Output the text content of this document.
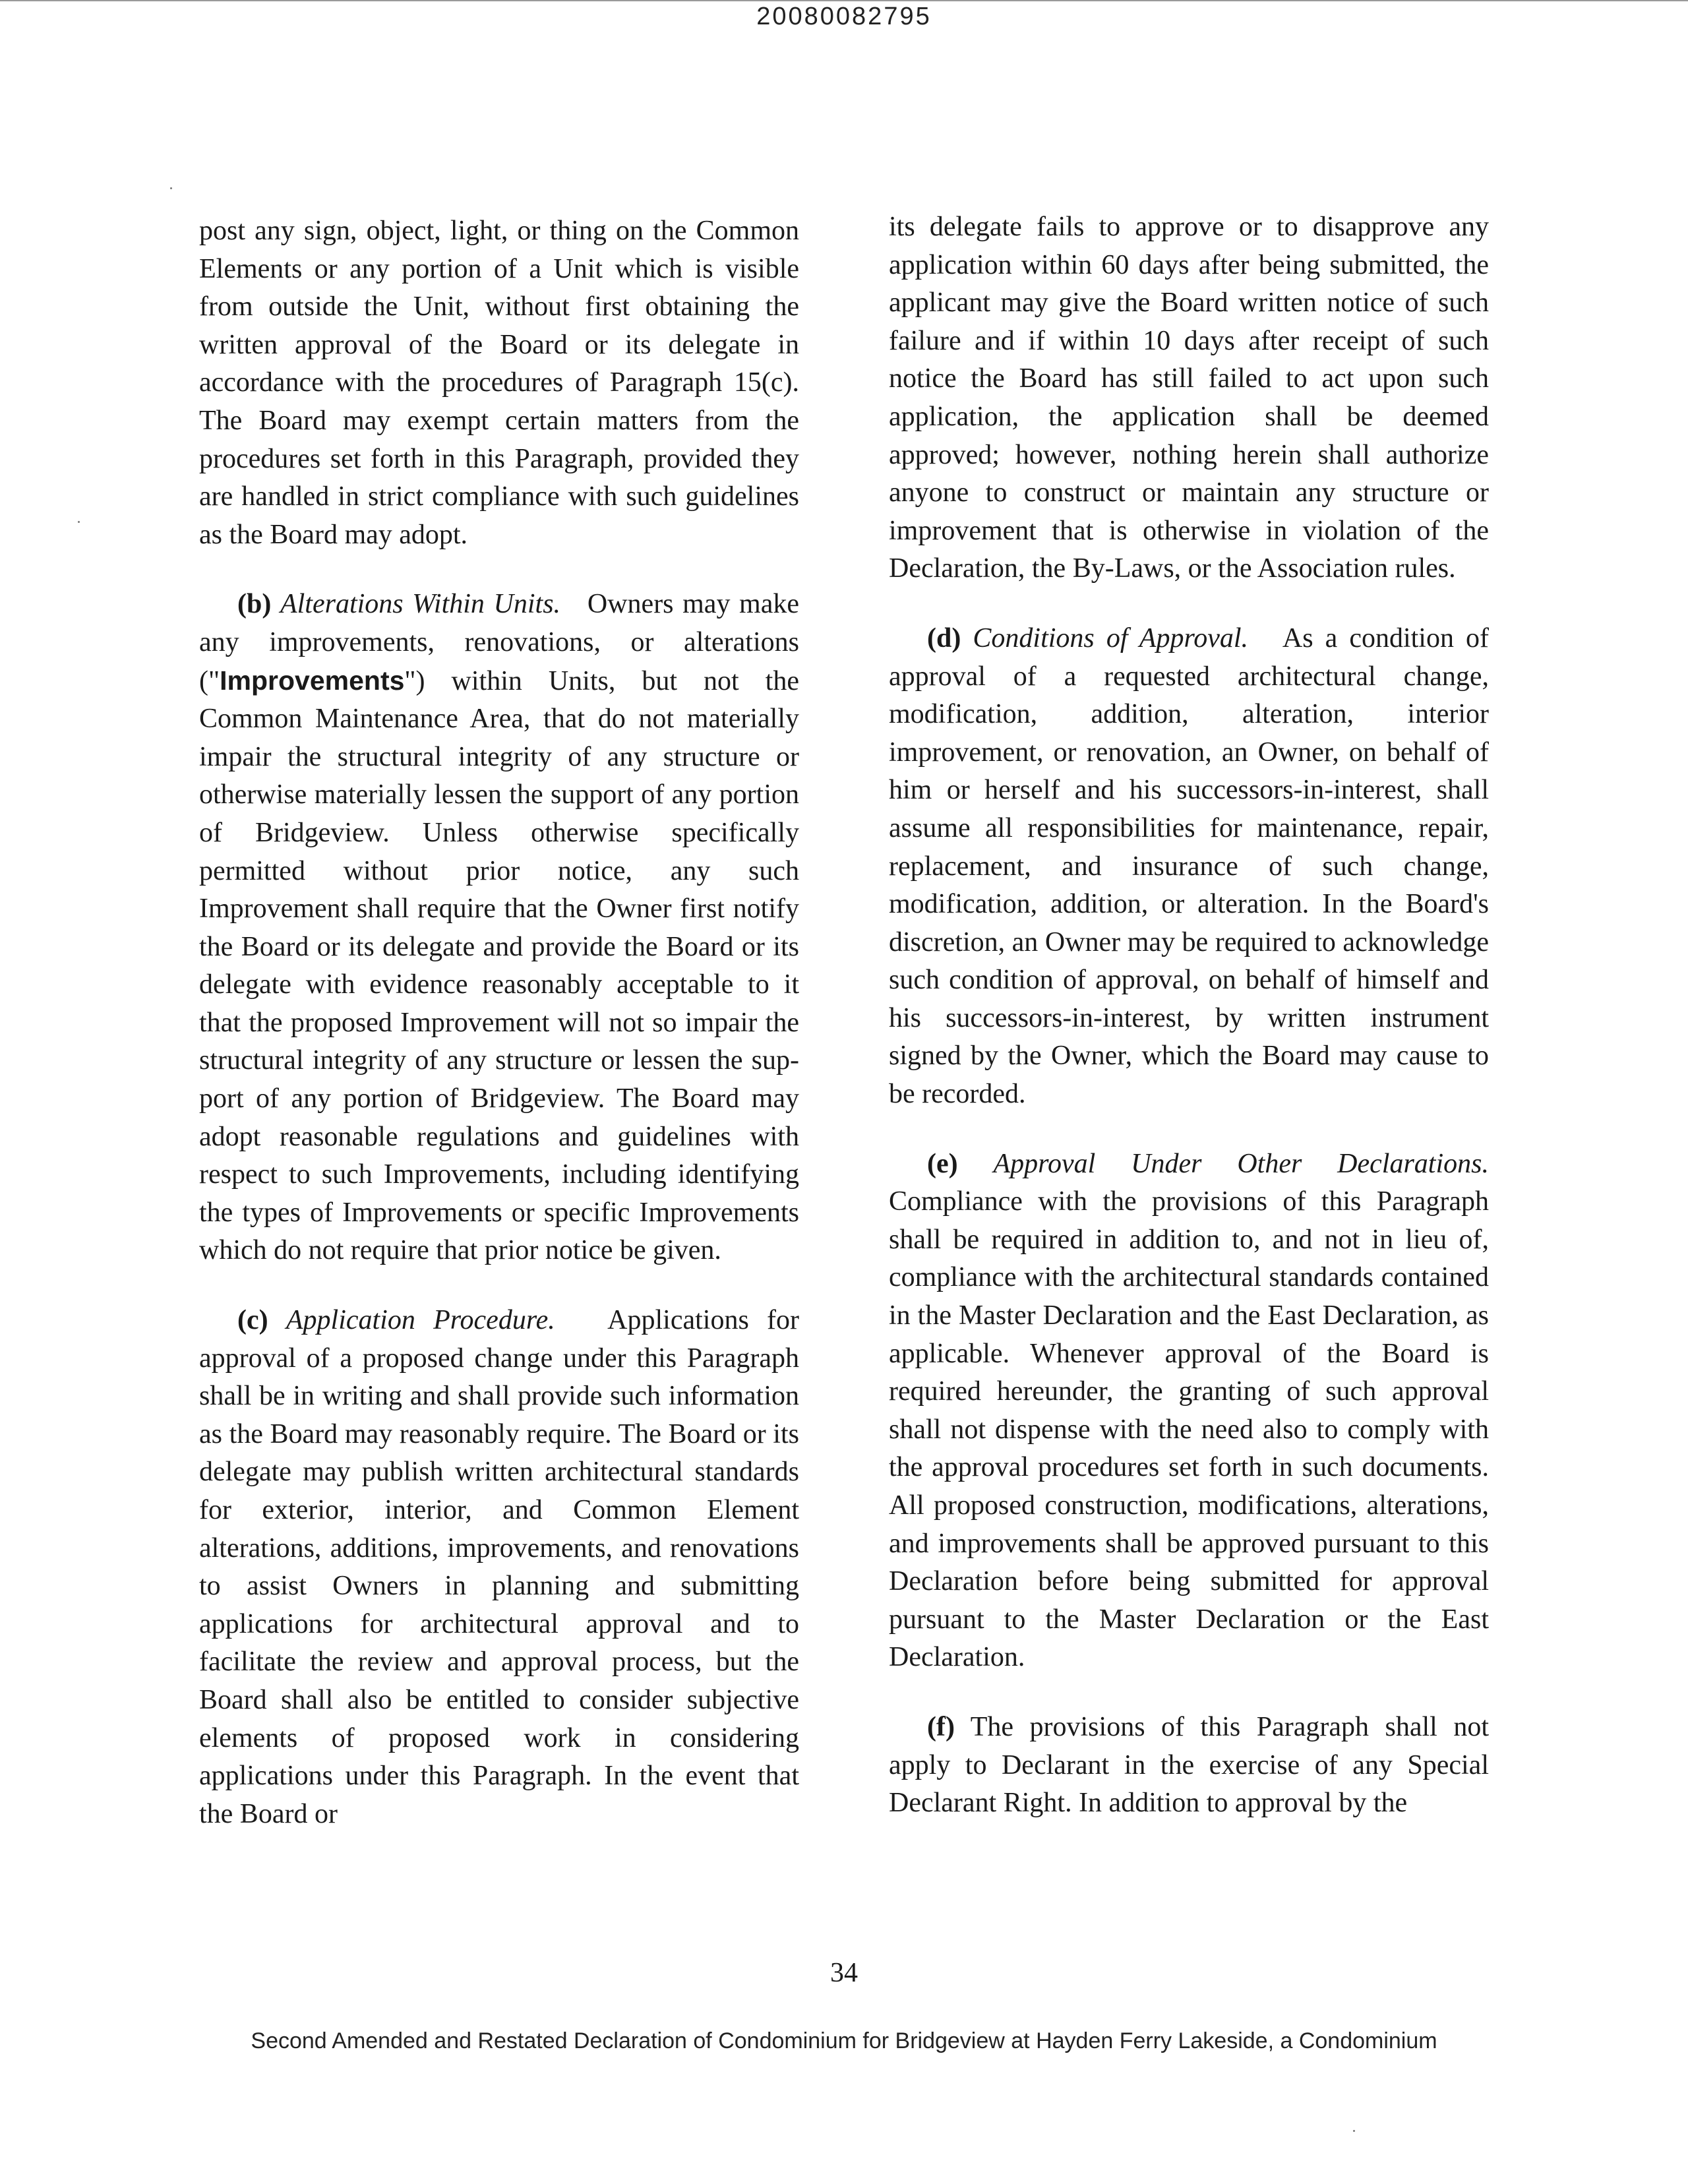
20080082795

post any sign, object, light, or thing on the Common Elements or any portion of a Unit which is visible from outside the Unit, without first obtaining the written approval of the Board or its delegate in accordance with the procedures of Paragraph 15(c). The Board may exempt certain matters from the procedures set forth in this Paragraph, provided they are handled in strict compliance with such guidelines as the Board may adopt.

(b) Alterations Within Units. Owners may make any improvements, renovations, or alterations ("Improvements") within Units, but not the Common Maintenance Area, that do not materially impair the structural integrity of any structure or otherwise materially lessen the support of any portion of Bridgeview. Unless otherwise specifically permitted without prior notice, any such Improvement shall require that the Owner first notify the Board or its delegate and provide the Board or its delegate with evidence reasonably acceptable to it that the proposed Improvement will not so impair the structural integrity of any structure or lessen the support of any portion of Bridgeview. The Board may adopt reasonable regulations and guidelines with respect to such Improvements, including identifying the types of Improvements or specific Improvements which do not require that prior notice be given.

(c) Application Procedure. Applications for approval of a proposed change under this Paragraph shall be in writing and shall provide such information as the Board may reasonably require. The Board or its delegate may publish written architectural standards for exterior, interior, and Common Element alterations, additions, improvements, and renovations to assist Owners in planning and submitting applications for architectural approval and to facilitate the review and approval process, but the Board shall also be entitled to consider subjective elements of proposed work in considering applications under this Paragraph. In the event that the Board or

its delegate fails to approve or to disapprove any application within 60 days after being submitted, the applicant may give the Board written notice of such failure and if within 10 days after receipt of such notice the Board has still failed to act upon such application, the application shall be deemed approved; however, nothing herein shall authorize anyone to construct or maintain any structure or improvement that is otherwise in violation of the Declaration, the By-Laws, or the Association rules.

(d) Conditions of Approval. As a condition of approval of a requested architectural change, modification, addition, alteration, interior improvement, or renovation, an Owner, on behalf of him or herself and his successors-in-interest, shall assume all responsibilities for maintenance, repair, replacement, and insurance of such change, modification, addition, or alteration. In the Board's discretion, an Owner may be required to acknowledge such condition of approval, on behalf of himself and his successors-in-interest, by written instrument signed by the Owner, which the Board may cause to be recorded.

(e) Approval Under Other Declarations. Compliance with the provisions of this Paragraph shall be required in addition to, and not in lieu of, compliance with the architectural standards contained in the Master Declaration and the East Declaration, as applicable. Whenever approval of the Board is required hereunder, the granting of such approval shall not dispense with the need also to comply with the approval procedures set forth in such documents. All proposed construction, modifications, alterations, and improvements shall be approved pursuant to this Declaration before being submitted for approval pursuant to the Master Declaration or the East Declaration.

(f) The provisions of this Paragraph shall not apply to Declarant in the exercise of any Special Declarant Right. In addition to approval by the

34
Second Amended and Restated Declaration of Condominium for Bridgeview at Hayden Ferry Lakeside, a Condominium
